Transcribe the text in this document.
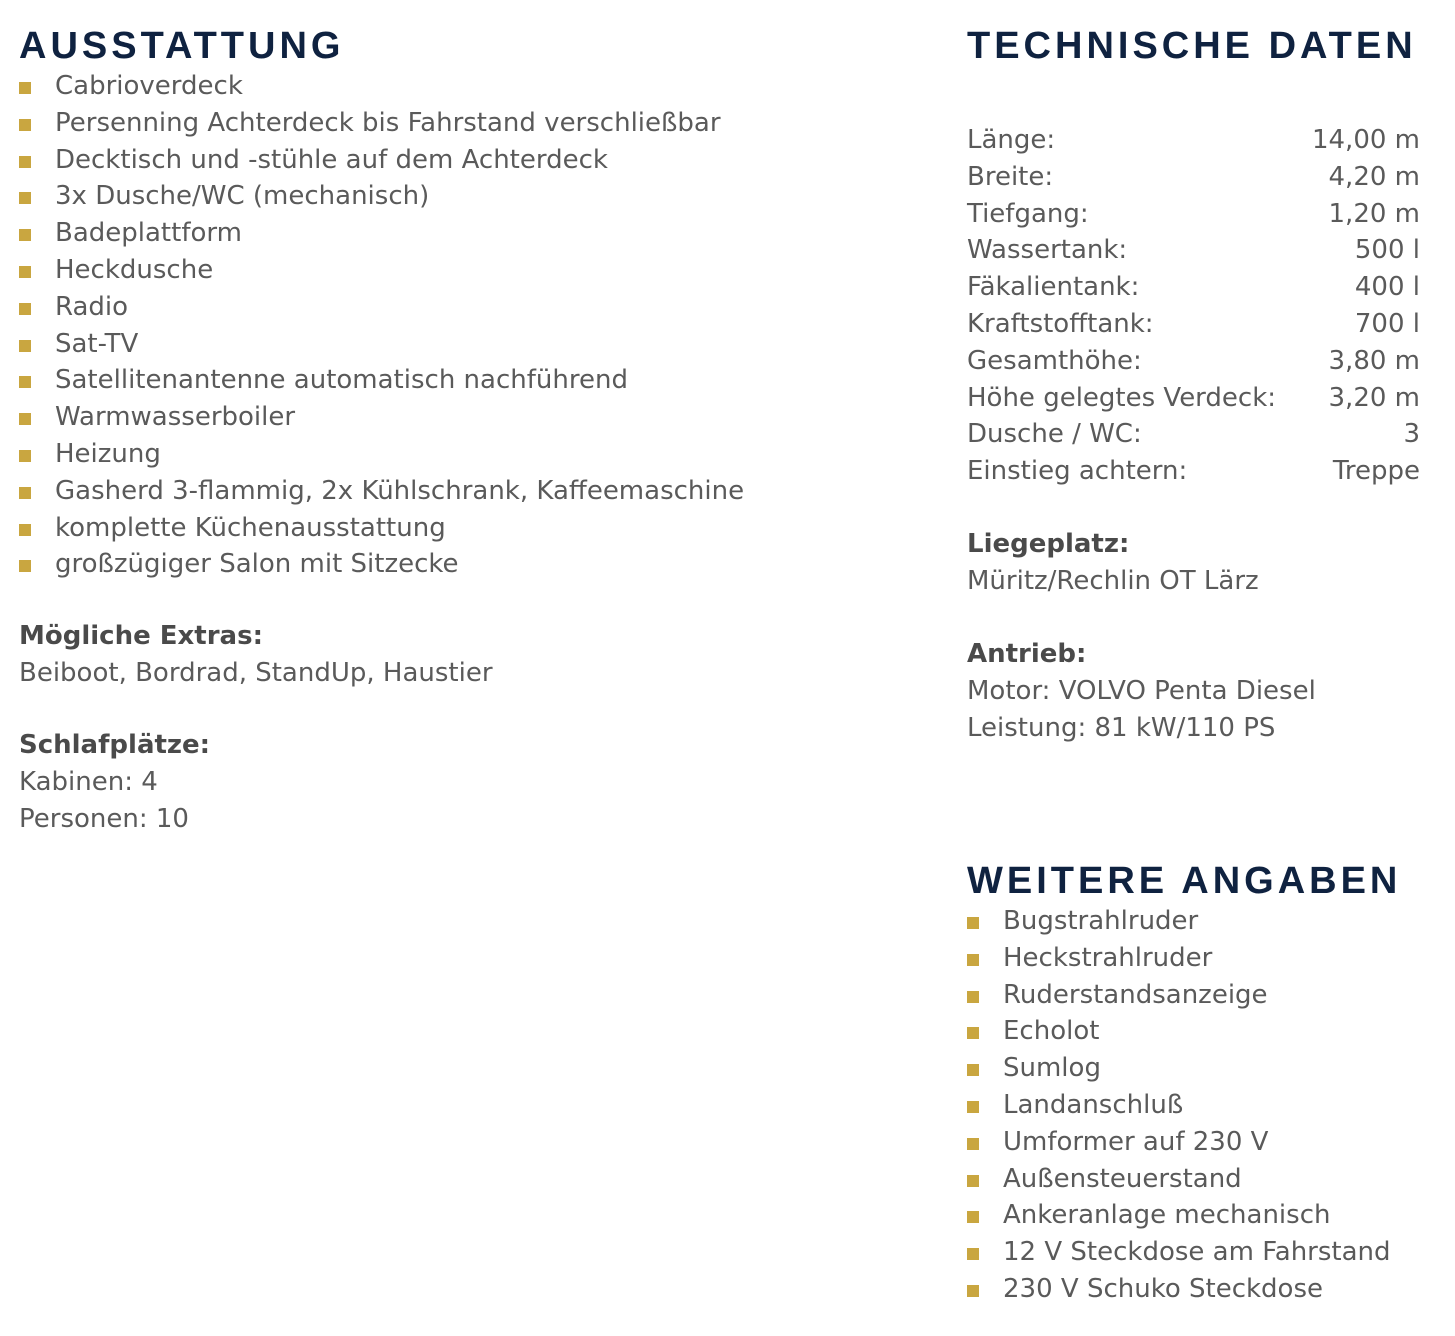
AUSSTATTUNG
Cabrioverdeck
Persenning Achterdeck bis Fahrstand verschließbar
Decktisch und -stühle auf dem Achterdeck
3x Dusche/WC (mechanisch)
Badeplattform
Heckdusche
Radio
Sat-TV
Satellitenantenne automatisch nachführend
Warmwasserboiler
Heizung
Gasherd 3-flammig, 2x Kühlschrank, Kaffeemaschine
komplette Küchenausstattung
großzügiger Salon mit Sitzecke
Mögliche Extras:
Beiboot, Bordrad, StandUp, Haustier
Schlafplätze:
Kabinen: 4
Personen: 10
TECHNISCHE DATEN
Länge:	14,00 m
Breite:	4,20 m
Tiefgang:	1,20 m
Wassertank:	500 l
Fäkalientank:	400 l
Kraftstofftank:	700 l
Gesamthöhe:	3,80 m
Höhe gelegtes Verdeck: 3,20 m
Dusche / WC:	3
Einstieg achtern:	Treppe
Liegeplatz:
Müritz/Rechlin OT Lärz
Antrieb:
Motor: VOLVO Penta Diesel
Leistung: 81 kW/110 PS
WEITERE ANGABEN
Bugstrahlruder
Heckstrahlruder
Ruderstandsanzeige
Echolot
Sumlog
Landanschluß
Umformer auf 230 V
Außensteuerstand
Ankeranlage mechanisch
12 V Steckdose am Fahrstand
230 V Schuko Steckdose
